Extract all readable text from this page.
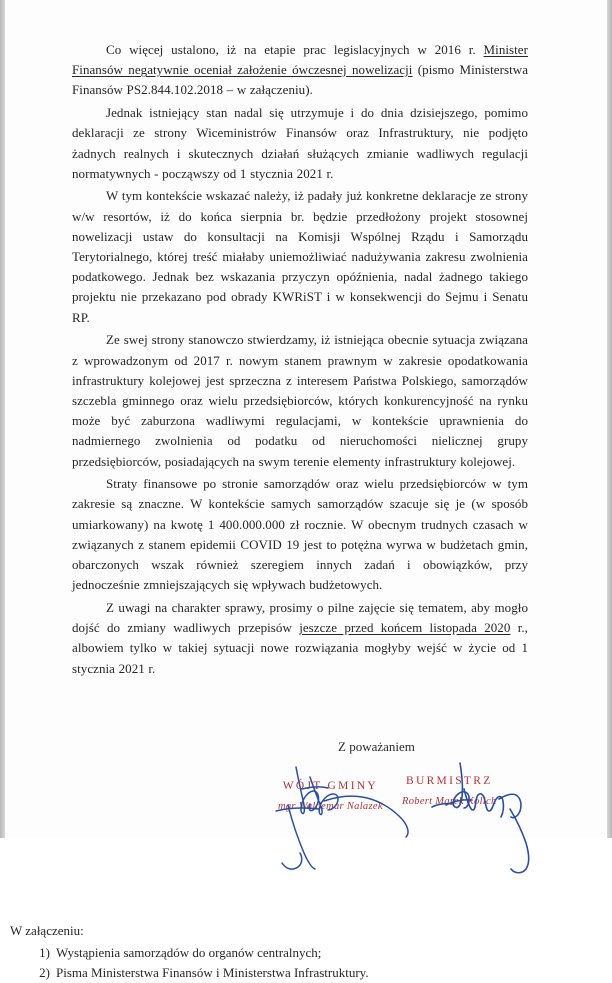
Co więcej ustalono, iż na etapie prac legislacyjnych w 2016 r. Minister Finansów negatywnie oceniał założenie ówczesnej nowelizacji (pismo Ministerstwa Finansów PS2.844.102.2018 – w załączeniu).

Jednak istniejący stan nadal się utrzymuje i do dnia dzisiejszego, pomimo deklaracji ze strony Wiceministrów Finansów oraz Infrastruktury, nie podjęto żadnych realnych i skutecznych działań służących zmianie wadliwych regulacji normatywnych - począwszy od 1 stycznia 2021 r.

W tym kontekście wskazać należy, iż padały już konkretne deklaracje ze strony w/w resortów, iż do końca sierpnia br. będzie przedłożony projekt stosownej nowelizacji ustaw do konsultacji na Komisji Wspólnej Rządu i Samorządu Terytorialnego, której treść miałaby uniemożliwiać nadużywania zakresu zwolnienia podatkowego. Jednak bez wskazania przyczyn opóźnienia, nadal żadnego takiego projektu nie przekazano pod obrady KWRiST i w konsekwencji do Sejmu i Senatu RP.

Ze swej strony stanowczo stwierdzamy, iż istniejąca obecnie sytuacja związana z wprowadzonym od 2017 r. nowym stanem prawnym w zakresie opodatkowania infrastruktury kolejowej jest sprzeczna z interesem Państwa Polskiego, samorządów szczebla gminnego oraz wielu przedsiębiorców, których konkurencyjność na rynku może być zaburzona wadliwymi regulacjami, w kontekście uprawnienia do nadmiernego zwolnienia od podatku od nieruchomości nielicznej grupy przedsiębiorców, posiadających na swym terenie elementy infrastruktury kolejowej.

Straty finansowe po stronie samorządów oraz wielu przedsiębiorców w tym zakresie są znaczne. W kontekście samych samorządów szacuje się je (w sposób umiarkowany) na kwotę 1 400.000.000 zł rocznie. W obecnym trudnych czasach w związanych z stanem epidemii COVID 19 jest to potężna wyrwa w budżetach gmin, obarczonych wszak również szeregiem innych zadań i obowiązków, przy jednocześnie zmniejszających się wpływach budżetowych.

Z uwagi na charakter sprawy, prosimy o pilne zajęcie się tematem, aby mogło dojść do zmiany wadliwych przepisów jeszcze przed końcem listopada 2020 r., albowiem tylko w takiej sytuacji nowe rozwiązania mogłyby wejść w życie od 1 stycznia 2021 r.

Z poważaniem

WÓJT GMINY
mgr Waldemar Nalazek
BURMISTRZ
Robert Marek Kolich

W załączeniu:

1) Wystąpienia samorządów do organów centralnych;
2) Pisma Ministerstwa Finansów i Ministerstwa Infrastruktury.
